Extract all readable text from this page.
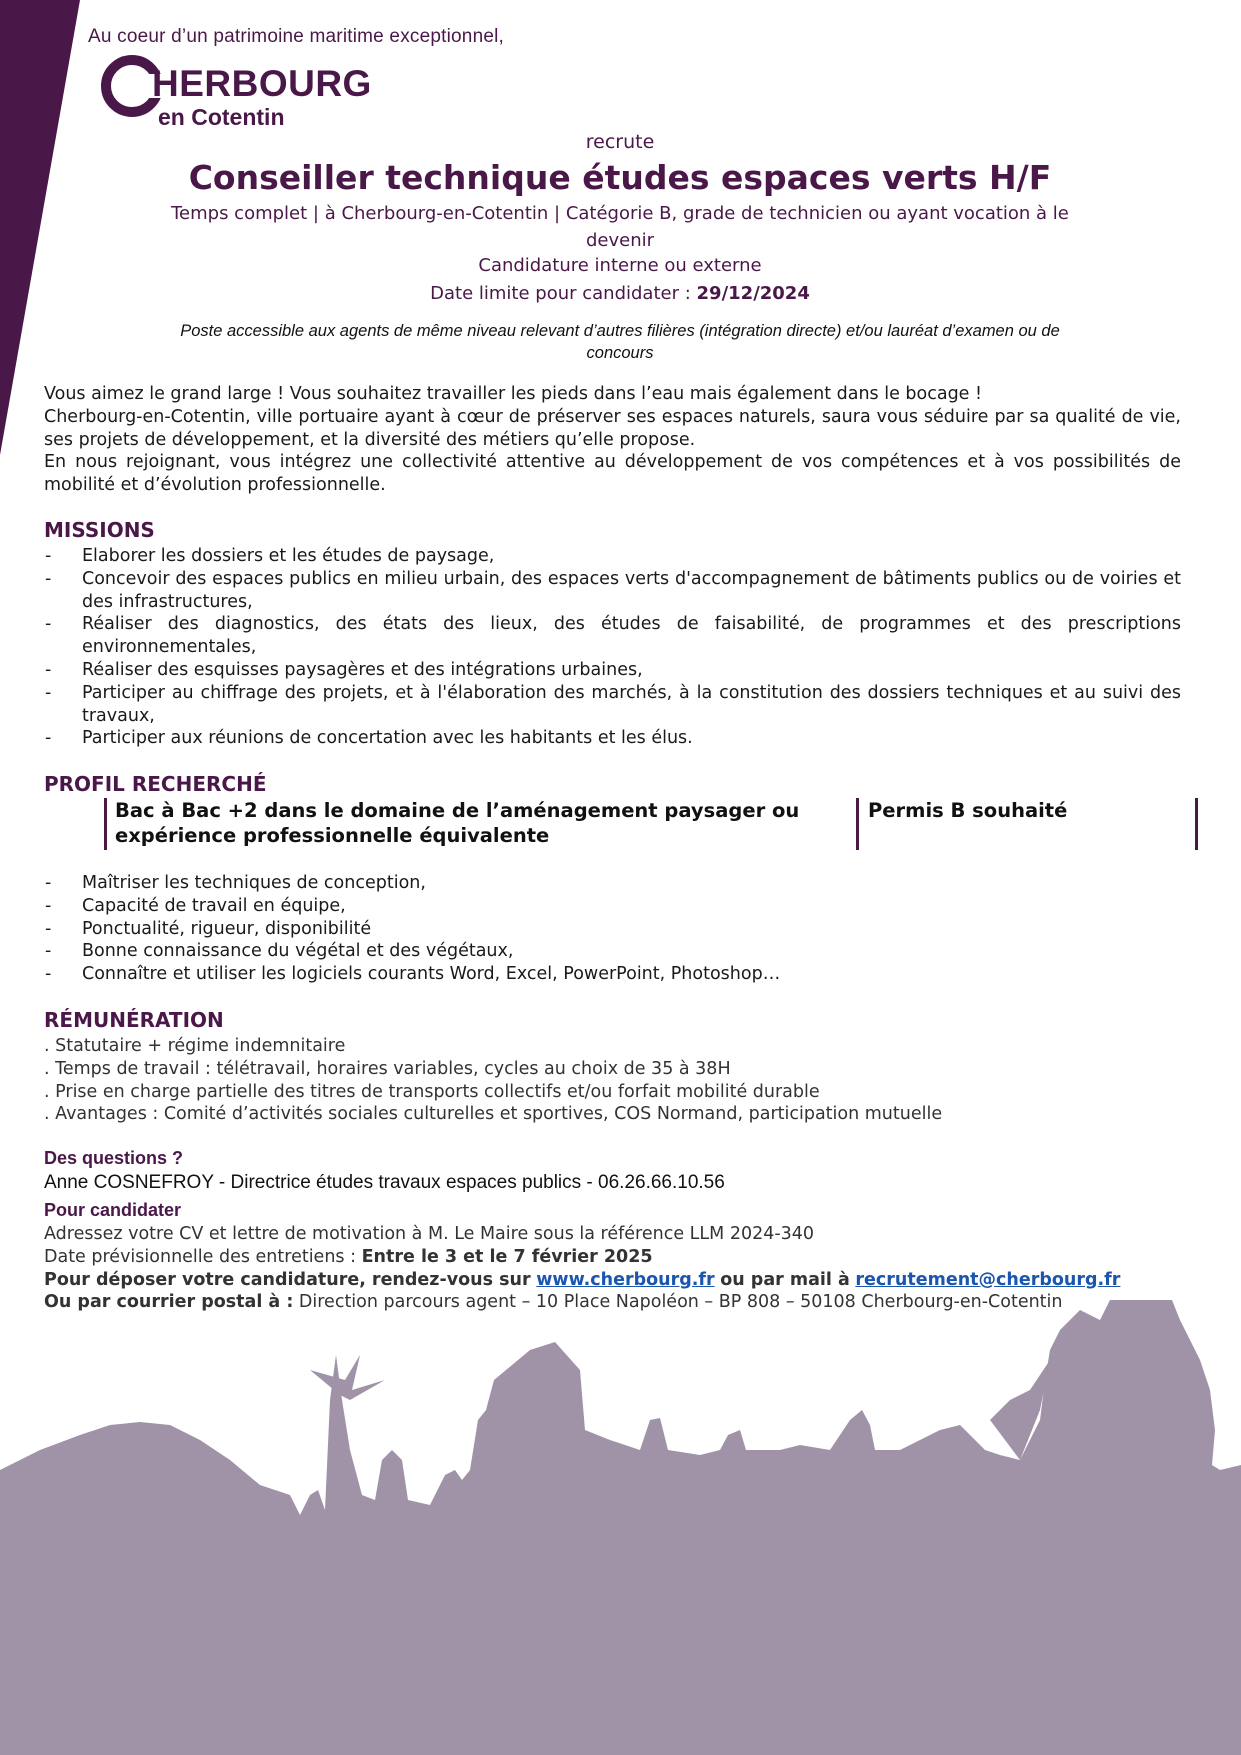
Au coeur d’un patrimoine maritime exceptionnel,
HERBOURG
en Cotentin
recrute
Conseiller technique études espaces verts H/F
Temps complet | à Cherbourg-en-Cotentin | Catégorie B, grade de technicien ou ayant vocation à le devenir
Candidature interne ou externe
Date limite pour candidater : 29/12/2024
Poste accessible aux agents de même niveau relevant d’autres filières (intégration directe) et/ou lauréat d’examen ou de concours
Vous aimez le grand large ! Vous souhaitez travailler les pieds dans l’eau mais également dans le bocage !
Cherbourg-en-Cotentin, ville portuaire ayant à cœur de préserver ses espaces naturels, saura vous séduire par sa qualité de vie, ses projets de développement, et la diversité des métiers qu’elle propose.
En nous rejoignant, vous intégrez une collectivité attentive au développement de vos compétences et à vos possibilités de mobilité et d’évolution professionnelle.
MISSIONS
- Elaborer les dossiers et les études de paysage,
- Concevoir des espaces publics en milieu urbain, des espaces verts d'accompagnement de bâtiments publics ou de voiries et des infrastructures,
- Réaliser des diagnostics, des états des lieux, des études de faisabilité, de programmes et des prescriptions environnementales,
- Réaliser des esquisses paysagères et des intégrations urbaines,
- Participer au chiffrage des projets, et à l'élaboration des marchés, à la constitution des dossiers techniques et au suivi des travaux,
- Participer aux réunions de concertation avec les habitants et les élus.
PROFIL RECHERCHÉ
Bac à Bac +2 dans le domaine de l’aménagement paysager ou expérience professionnelle équivalente
Permis B souhaité
- Maîtriser les techniques de conception,
- Capacité de travail en équipe,
- Ponctualité, rigueur, disponibilité
- Bonne connaissance du végétal et des végétaux,
- Connaître et utiliser les logiciels courants Word, Excel, PowerPoint, Photoshop…
RÉMUNÉRATION
. Statutaire + régime indemnitaire
. Temps de travail : télétravail, horaires variables, cycles au choix de 35 à 38H
. Prise en charge partielle des titres de transports collectifs et/ou forfait mobilité durable
. Avantages : Comité d’activités sociales culturelles et sportives, COS Normand, participation mutuelle
Des questions ?
Anne COSNEFROY - Directrice études travaux espaces publics - 06.26.66.10.56
Pour candidater
Adressez votre CV et lettre de motivation à M. Le Maire sous la référence LLM 2024-340
Date prévisionnelle des entretiens : Entre le 3 et le 7 février 2025
Pour déposer votre candidature, rendez-vous sur www.cherbourg.fr ou par mail à recrutement@cherbourg.fr
Ou par courrier postal à : Direction parcours agent – 10 Place Napoléon – BP 808 – 50108 Cherbourg-en-Cotentin
